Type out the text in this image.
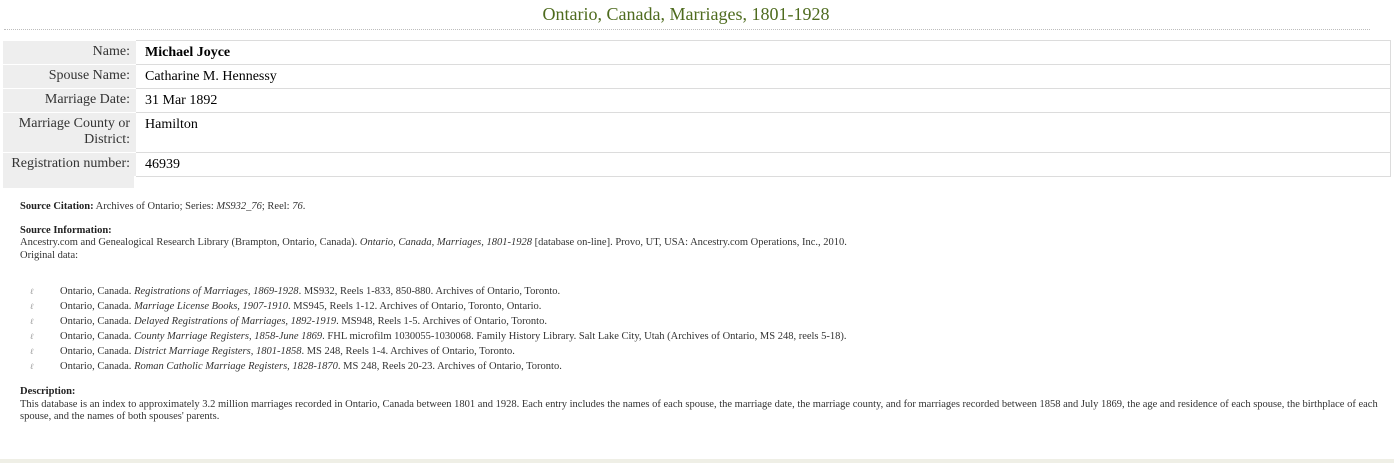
Ontario, Canada, Marriages, 1801-1928
Name:	Michael Joyce
Spouse Name:	Catharine M. Hennessy
Marriage Date:	31 Mar 1892
Marriage County or District:	Hamilton
Registration number:	46939

Source Citation: Archives of Ontario; Series: MS932_76; Reel: 76.

Source Information:
Ancestry.com and Genealogical Research Library (Brampton, Ontario, Canada). Ontario, Canada, Marriages, 1801-1928 [database on-line]. Provo, UT, USA: Ancestry.com Operations, Inc., 2010.
Original data:

ℓ	Ontario, Canada. Registrations of Marriages, 1869-1928. MS932, Reels 1-833, 850-880. Archives of Ontario, Toronto.
ℓ	Ontario, Canada. Marriage License Books, 1907-1910. MS945, Reels 1-12. Archives of Ontario, Toronto, Ontario.
ℓ	Ontario, Canada. Delayed Registrations of Marriages, 1892-1919. MS948, Reels 1-5. Archives of Ontario, Toronto.
ℓ	Ontario, Canada. County Marriage Registers, 1858-June 1869. FHL microfilm 1030055-1030068. Family History Library. Salt Lake City, Utah (Archives of Ontario, MS 248, reels 5-18).
ℓ	Ontario, Canada. District Marriage Registers, 1801-1858. MS 248, Reels 1-4. Archives of Ontario, Toronto.
ℓ	Ontario, Canada. Roman Catholic Marriage Registers, 1828-1870. MS 248, Reels 20-23. Archives of Ontario, Toronto.

Description:
This database is an index to approximately 3.2 million marriages recorded in Ontario, Canada between 1801 and 1928. Each entry includes the names of each spouse, the marriage date, the marriage county, and for marriages recorded between 1858 and July 1869, the age and residence of each spouse, the birthplace of each spouse, and the names of both spouses' parents.
